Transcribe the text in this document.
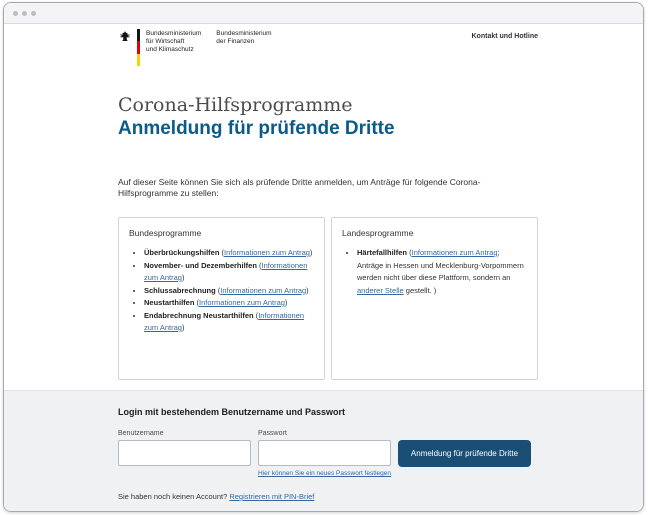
Bundesministerium
für Wirtschaft
und Klimaschutz
Bundesministerium
der Finanzen
Kontakt und Hotline
Corona-Hilfsprogramme
Anmeldung für prüfende Dritte

Auf dieser Seite können Sie sich als prüfende Dritte anmelden, um Anträge für folgende Corona-Hilfsprogramme zu stellen:

Bundesprogramme
• Überbrückungshilfen (Informationen zum Antrag)
• November- und Dezemberhilfen (Informationen zum Antrag)
• Schlussabrechnung (Informationen zum Antrag)
• Neustarthilfen (Informationen zum Antrag)
• Endabrechnung Neustarthilfen (Informationen zum Antrag)
Landesprogramme
• Härtefallhilfen (Informationen zum Antrag; Anträge in Hessen und Mecklenburg-Vorpommern werden nicht über diese Plattform, sondern an anderer Stelle gestellt. )
Login mit bestehendem Benutzername und Passwort
Benutzername	Passwort
Hier können Sie ein neues Passwort festlegen
Anmeldung für prüfende Dritte
Sie haben noch keinen Account? Registrieren mit PIN-Brief
